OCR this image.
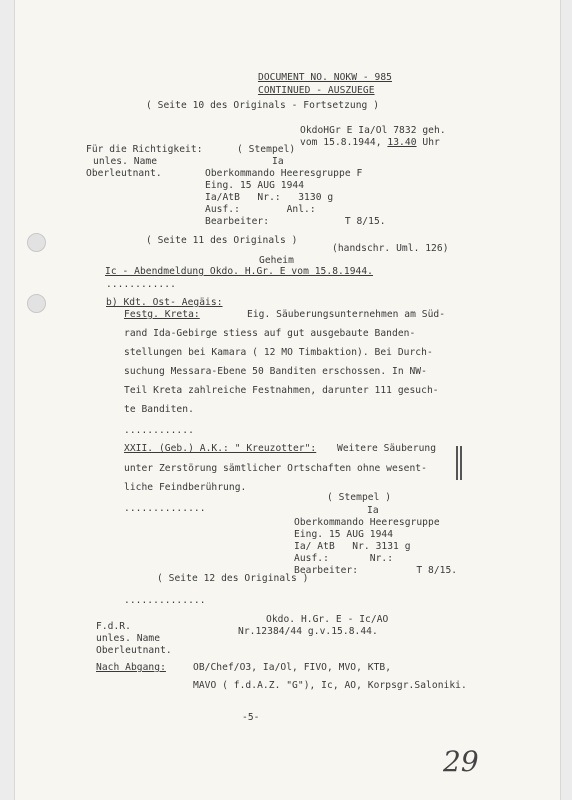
DOCUMENT NO. NOKW - 985
CONTINUED - AUSZUEGE
( Seite 10 des Originals - Fortsetzung )
OkdoHGr E Ia/Ol 7832 geh.
vom 15.8.1944, 13.40 Uhr
Für die Richtigkeit:	( Stempel)
unles. Name
Oberleutnant.
Ia
Oberkommando Heeresgruppe F
Eing. 15 AUG 1944
Ia/AtB   Nr.:   3130 g
Ausf.:        Anl.:
Bearbeiter:             T 8/15.
( Seite 11 des Originals )
(handschr. Uml. 126)
Geheim
Ic - Abendmeldung Okdo. H.Gr. E vom 15.8.1944.
............
b) Kdt. Ost- Aegäis:
Festg. Kreta:	Eig. Säuberungsunternehmen am Süd-
rand Ida-Gebirge stiess auf gut ausgebaute Banden-
stellungen bei Kamara ( 12 MO Timbaktion). Bei Durch-
suchung Messara-Ebene 50 Banditen erschossen. In NW-
Teil Kreta zahlreiche Festnahmen, darunter 111 gesuch-
te Banditen.
............
XXII. (Geb.) A.K.: " Kreuzotter": Weitere Säuberung
unter Zerstörung sämtlicher Ortschaften ohne wesent-
liche Feindberührung.
( Stempel )
..............	Ia
Oberkommando Heeresgruppe
Eing. 15 AUG 1944
Ia/ AtB   Nr. 3131 g
Ausf.:       Nr.:
Bearbeiter:          T 8/15.
( Seite 12 des Originals )
..............
Okdo. H.Gr. E - Ic/AO
Nr.12384/44 g.v.15.8.44.
F.d.R.
unles. Name
Oberleutnant.
Nach Abgang:	OB/Chef/O3, Ia/Ol, FIVO, MVO, KTB,
MAVO ( f.d.A.Z. "G"), Ic, AO, Korpsgr.Saloniki.
-5-
29
